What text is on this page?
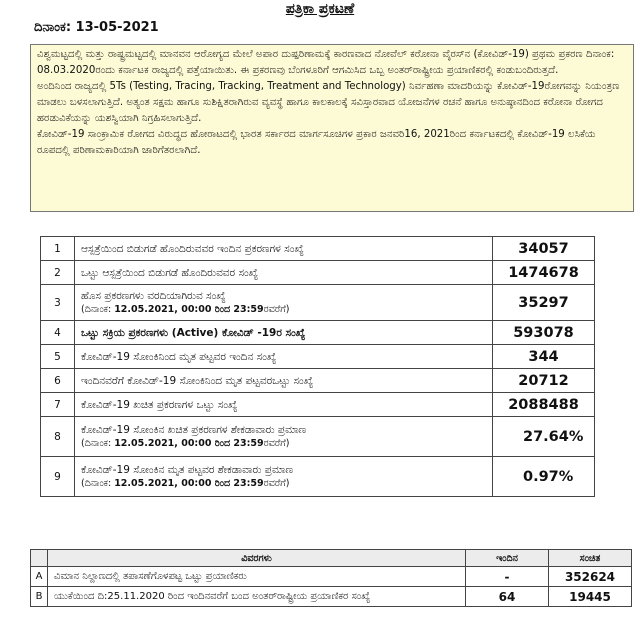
ಪತ್ರಿಕಾ ಪ್ರಕಟಣೆ
ದಿನಾಂಕ: 13-05-2021

ವಿಶ್ವಮಟ್ಟದಲ್ಲಿ ಮತ್ತು ರಾಷ್ಟ್ರಮಟ್ಟದಲ್ಲಿ ಮಾನವನ ಆರೋಗ್ಯದ ಮೇಲೆ ಅಪಾರ ದುಷ್ಪರಿಣಾಮಕ್ಕೆ ಕಾರಣವಾದ ನೋವೆಲ್ ಕರೋನಾ ವೈರಸ್‌ನ (ಕೋವಿಡ್-19) ಪ್ರಥಮ ಪ್ರಕರಣ ದಿನಾಂಕ: 08.03.2020ರಂದು ಕರ್ನಾಟಕ ರಾಜ್ಯದಲ್ಲಿ ಪತ್ತೆಯಾಯಿತು. ಈ ಪ್ರಕರಣವು ಬೆಂಗಳೂರಿಗೆ ಆಗಮಿಸಿದ ಒಬ್ಬ ಅಂತರ್‌ರಾಷ್ಟ್ರೀಯ ಪ್ರಯಾಣಿಕರಲ್ಲಿ ಕಂಡುಬಂದಿರುತ್ತದೆ.

ಅಂದಿನಿಂದ ರಾಜ್ಯದಲ್ಲಿ 5Ts (Testing, Tracing, Tracking, Treatment and Technology) ನಿರ್ವಹಣಾ ಮಾದರಿಯನ್ನು ಕೋವಿಡ್-19ರೋಗವನ್ನು ನಿಯಂತ್ರಣ ಮಾಡಲು ಬಳಸಲಾಗುತ್ತಿದೆ. ಅತ್ಯಂತ ಸಕ್ಷಮ ಹಾಗೂ ಸುಶಿಕ್ಷಿತರಾಗಿರುವ ವ್ಯವಸ್ಥೆ ಹಾಗೂ ಕಾಲಕಾಲಕ್ಕೆ ಸವಿಸ್ತಾರವಾದ ಯೋಜನೆಗಳ ರಚನೆ ಹಾಗೂ ಅನುಷ್ಠಾನದಿಂದ ಕರೋನಾ ರೋಗದ ಹರಡುವಿಕೆಯನ್ನು ಯಶಸ್ವಿಯಾಗಿ ನಿಗ್ರಹಿಸಲಾಗುತ್ತಿದೆ.

ಕೋವಿಡ್-19 ಸಾಂಕ್ರಾಮಿಕ ರೋಗದ ವಿರುದ್ಧದ ಹೋರಾಟದಲ್ಲಿ ಭಾರತ ಸರ್ಕಾರದ ಮಾರ್ಗಸೂಚಿಗಳ ಪ್ರಕಾರ ಜನವರಿ16, 2021ರಿಂದ ಕರ್ನಾಟಕದಲ್ಲಿ ಕೋವಿಡ್-19 ಲಸಿಕೆಯ ರೂಪದಲ್ಲಿ ಪರಿಣಾಮಕಾರಿಯಾಗಿ ಜಾರಿಗೆತರಲಾಗಿದೆ.

1	ಆಸ್ಪತ್ರೆಯಿಂದ ಬಿಡುಗಡೆ ಹೊಂದಿರುವವರ ಇಂದಿನ ಪ್ರಕರಣಗಳ ಸಂಖ್ಯೆ	34057
2	ಒಟ್ಟು ಆಸ್ಪತ್ರೆಯಿಂದ ಬಿಡುಗಡೆ ಹೊಂದಿರುವವರ ಸಂಖ್ಯೆ	1474678
3	ಹೊಸ ಪ್ರಕರಣಗಳು ವರದಿಯಾಗಿರುವ ಸಂಖ್ಯೆ
(ದಿನಾಂಕ: 12.05.2021, 00:00 ರಿಂದ 23:59ರವರೆಗೆ)	35297
4	ಒಟ್ಟು ಸಕ್ರಿಯ ಪ್ರಕರಣಗಳು (Active) ಕೋವಿಡ್ -19ರ ಸಂಖ್ಯೆ	593078
5	ಕೋವಿಡ್-19 ಸೋಂಕಿನಿಂದ ಮೃತ ಪಟ್ಟವರ ಇಂದಿನ ಸಂಖ್ಯೆ	344
6	ಇಂದಿನವರೆಗೆ ಕೋವಿಡ್-19 ಸೋಂಕಿನಿಂದ ಮೃತ ಪಟ್ಟವರಒಟ್ಟು ಸಂಖ್ಯೆ	20712
7	ಕೋವಿಡ್-19 ಖಚಿತ ಪ್ರಕರಣಗಳ ಒಟ್ಟು ಸಂಖ್ಯೆ	2088488
8	ಕೋವಿಡ್-19 ಸೋಂಕಿನ ಖಚಿತ ಪ್ರಕರಣಗಳ ಶೇಕಡಾವಾರು ಪ್ರಮಾಣ
(ದಿನಾಂಕ: 12.05.2021, 00:00 ರಿಂದ 23:59ರವರೆಗೆ)	27.64%
9	ಕೋವಿಡ್-19 ಸೋಂಕಿನ ಮೃತ ಪಟ್ಟವರ ಶೇಕಡಾವಾರು ಪ್ರಮಾಣ
(ದಿನಾಂಕ: 12.05.2021, 00:00 ರಿಂದ 23:59ರವರೆಗೆ)	0.97%
	ವಿವರಗಳು	ಇಂದಿನ	ಸಂಚಿತ
A	ವಿಮಾನ ನಿಲ್ದಾಣದಲ್ಲಿ ತಪಾಸಣೆಗೊಳಪಟ್ಟ ಒಟ್ಟು ಪ್ರಯಾಣಿಕರು	-	352624
B	ಯುಕೆಯಿಂದ ದಿ:25.11.2020 ರಿಂದ ಇಂದಿನವರೆಗೆ ಬಂದ ಅಂತರ್‌ರಾಷ್ಟ್ರೀಯ ಪ್ರಯಾಣಿಕರ ಸಂಖ್ಯೆ	64	19445
